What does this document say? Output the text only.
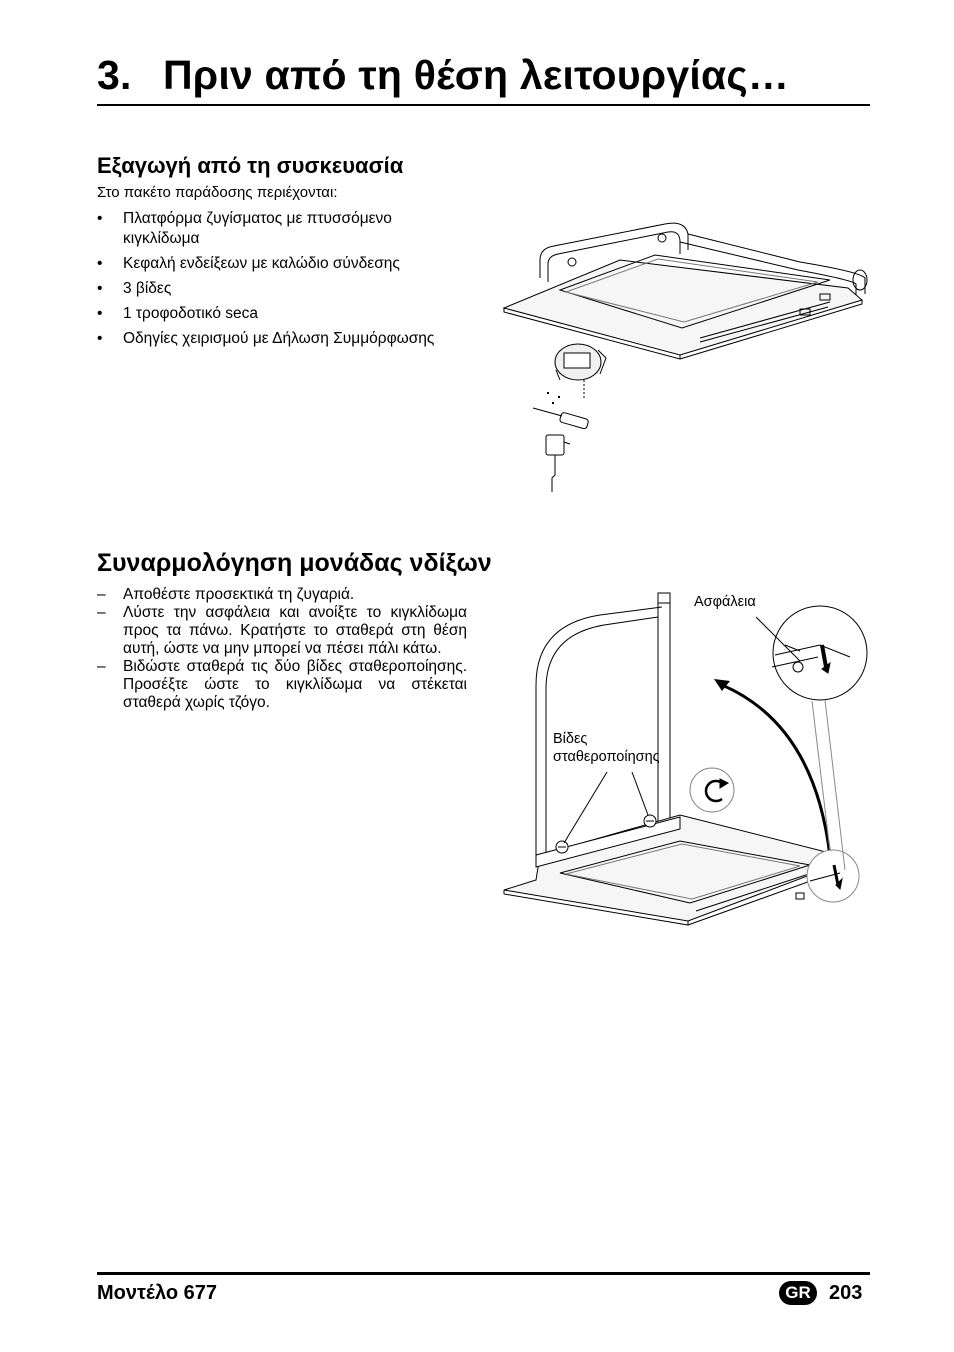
3. Πριν από τη θέση λειτουργίας…
Εξαγωγή από τη συσκευασία
Στο πακέτο παράδοσης περιέχονται:
• Πλατφόρμα ζυγίσματος με πτυσσόμενο κιγκλίδωμα
• Κεφαλή ενδείξεων με καλώδιο σύνδεσης
• 3 βίδες
• 1 τροφοδοτικό seca
• Οδηγίες χειρισμού με Δήλωση Συμμόρφωσης
Συναρμολόγηση μονάδας νδίξων
– Αποθέστε προσεκτικά τη ζυγαριά.
– Λύστε την ασφάλεια και ανοίξτε το κιγκλίδωμα προς τα πάνω. Κρατήστε το σταθερά στη θέση αυτή, ώστε να μην μπορεί να πέσει πάλι κάτω.
– Βιδώστε σταθερά τις δύο βίδες σταθεροποίησης. Προσέξτε ώστε το κιγκλίδωμα να στέκεται σταθερά χωρίς τζόγο.
Ασφάλεια
Βίδες
σταθεροποίησης
Μοντέλο 677	GR 203
